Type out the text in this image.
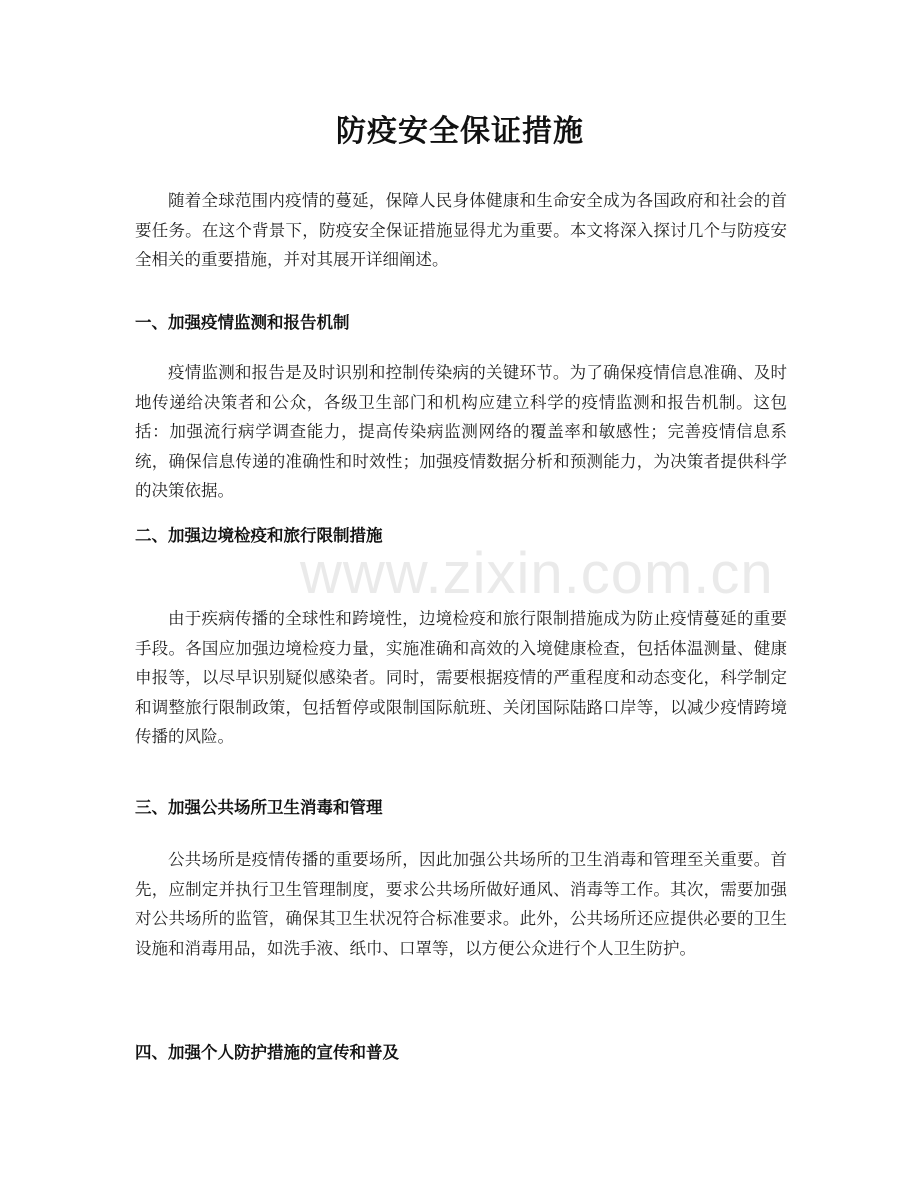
防疫安全保证措施

随着全球范围内疫情的蔓延，保障人民身体健康和生命安全成为各国政府和社会的首要任务。在这个背景下，防疫安全保证措施显得尤为重要。本文将深入探讨几个与防疫安全相关的重要措施，并对其展开详细阐述。

一、加强疫情监测和报告机制

疫情监测和报告是及时识别和控制传染病的关键环节。为了确保疫情信息准确、及时地传递给决策者和公众，各级卫生部门和机构应建立科学的疫情监测和报告机制。这包括：加强流行病学调查能力，提高传染病监测网络的覆盖率和敏感性；完善疫情信息系统，确保信息传递的准确性和时效性；加强疫情数据分析和预测能力，为决策者提供科学的决策依据。

二、加强边境检疫和旅行限制措施

由于疾病传播的全球性和跨境性，边境检疫和旅行限制措施成为防止疫情蔓延的重要手段。各国应加强边境检疫力量，实施准确和高效的入境健康检查，包括体温测量、健康申报等，以尽早识别疑似感染者。同时，需要根据疫情的严重程度和动态变化，科学制定和调整旅行限制政策，包括暂停或限制国际航班、关闭国际陆路口岸等，以减少疫情跨境传播的风险。

三、加强公共场所卫生消毒和管理

公共场所是疫情传播的重要场所，因此加强公共场所的卫生消毒和管理至关重要。首先，应制定并执行卫生管理制度，要求公共场所做好通风、消毒等工作。其次，需要加强对公共场所的监管，确保其卫生状况符合标准要求。此外，公共场所还应提供必要的卫生设施和消毒用品，如洗手液、纸巾、口罩等，以方便公众进行个人卫生防护。

四、加强个人防护措施的宣传和普及

www.zixin.com.cn
